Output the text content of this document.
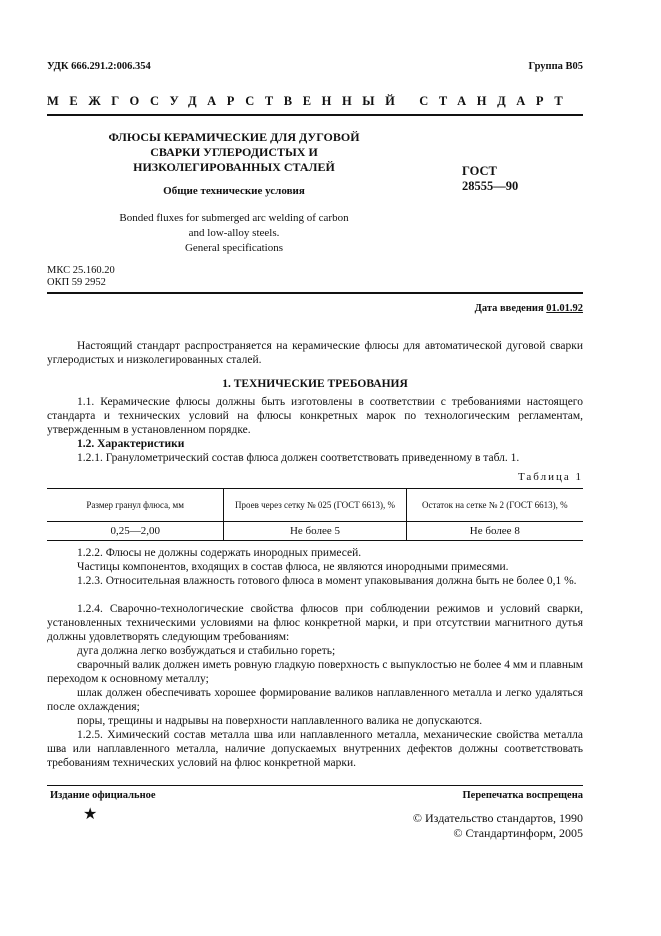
УДК 666.291.2:006.354	Группа В05
МЕЖГОСУДАРСТВЕННЫЙ СТАНДАРТ
ФЛЮСЫ КЕРАМИЧЕСКИЕ ДЛЯ ДУГОВОЙ
СВАРКИ УГЛЕРОДИСТЫХ И
НИЗКОЛЕГИРОВАННЫХ СТАЛЕЙ
Общие технические условия
Bonded fluxes for submerged arc welding of carbon
and low-alloy steels.
General specifications
ГОСТ
28555—90
МКС 25.160.20
ОКП 59 2952
Дата введения 01.01.92
Настоящий стандарт распространяется на керамические флюсы для автоматической дуговой сварки углеродистых и низколегированных сталей.
1. ТЕХНИЧЕСКИЕ ТРЕБОВАНИЯ
1.1. Керамические флюсы должны быть изготовлены в соответствии с требованиями настоящего стандарта и технических условий на флюсы конкретных марок по технологическим регламентам, утвержденным в установленном порядке.
1.2. Характеристики
1.2.1. Гранулометрический состав флюса должен соответствовать приведенному в табл. 1.
Таблица 1
Размер гранул флюса, мм	Проев через сетку № 025 (ГОСТ 6613), %	Остаток на сетке № 2 (ГОСТ 6613), %
0,25—2,00	Не более 5	Не более 8
1.2.2. Флюсы не должны содержать инородных примесей.
Частицы компонентов, входящих в состав флюса, не являются инородными примесями.
1.2.3. Относительная влажность готового флюса в момент упаковывания должна быть не более 0,1 %.
1.2.4. Сварочно-технологические свойства флюсов при соблюдении режимов и условий сварки, установленных техническими условиями на флюс конкретной марки, и при отсутствии магнитного дутья должны удовлетворять следующим требованиям:
дуга должна легко возбуждаться и стабильно гореть;
сварочный валик должен иметь ровную гладкую поверхность с выпуклостью не более 4 мм и плавным переходом к основному металлу;
шлак должен обеспечивать хорошее формирование валиков наплавленного металла и легко удаляться после охлаждения;
поры, трещины и надрывы на поверхности наплавленного валика не допускаются.
1.2.5. Химический состав металла шва или наплавленного металла, механические свойства металла шва или наплавленного металла, наличие допускаемых внутренних дефектов должны соответствовать требованиям технических условий на флюс конкретной марки.
Издание официальное	Перепечатка воспрещена
★	© Издательство стандартов, 1990
© Стандартинформ, 2005
